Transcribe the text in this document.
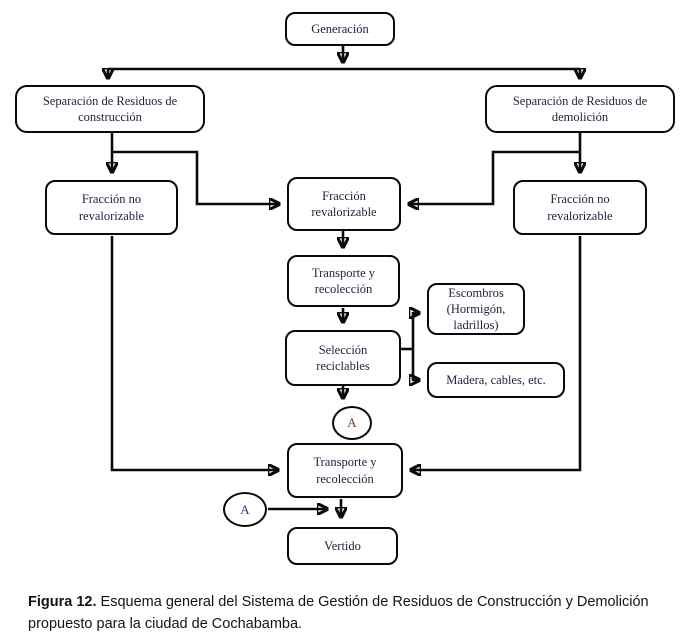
Generación
Separación de Residuos de construcción
Separación de Residuos de demolición
Fracción no revalorizable
Fracción revalorizable
Fracción no revalorizable
Transporte y recolección	Escombros (Hormigón, ladrillos)
Selección reciclables
Madera, cables, etc.
A
Transporte y recolección
A
Vertido

Figura 12. Esquema general del Sistema de Gestión de Residuos de Construcción y Demolición propuesto para la ciudad de Cochabamba.
